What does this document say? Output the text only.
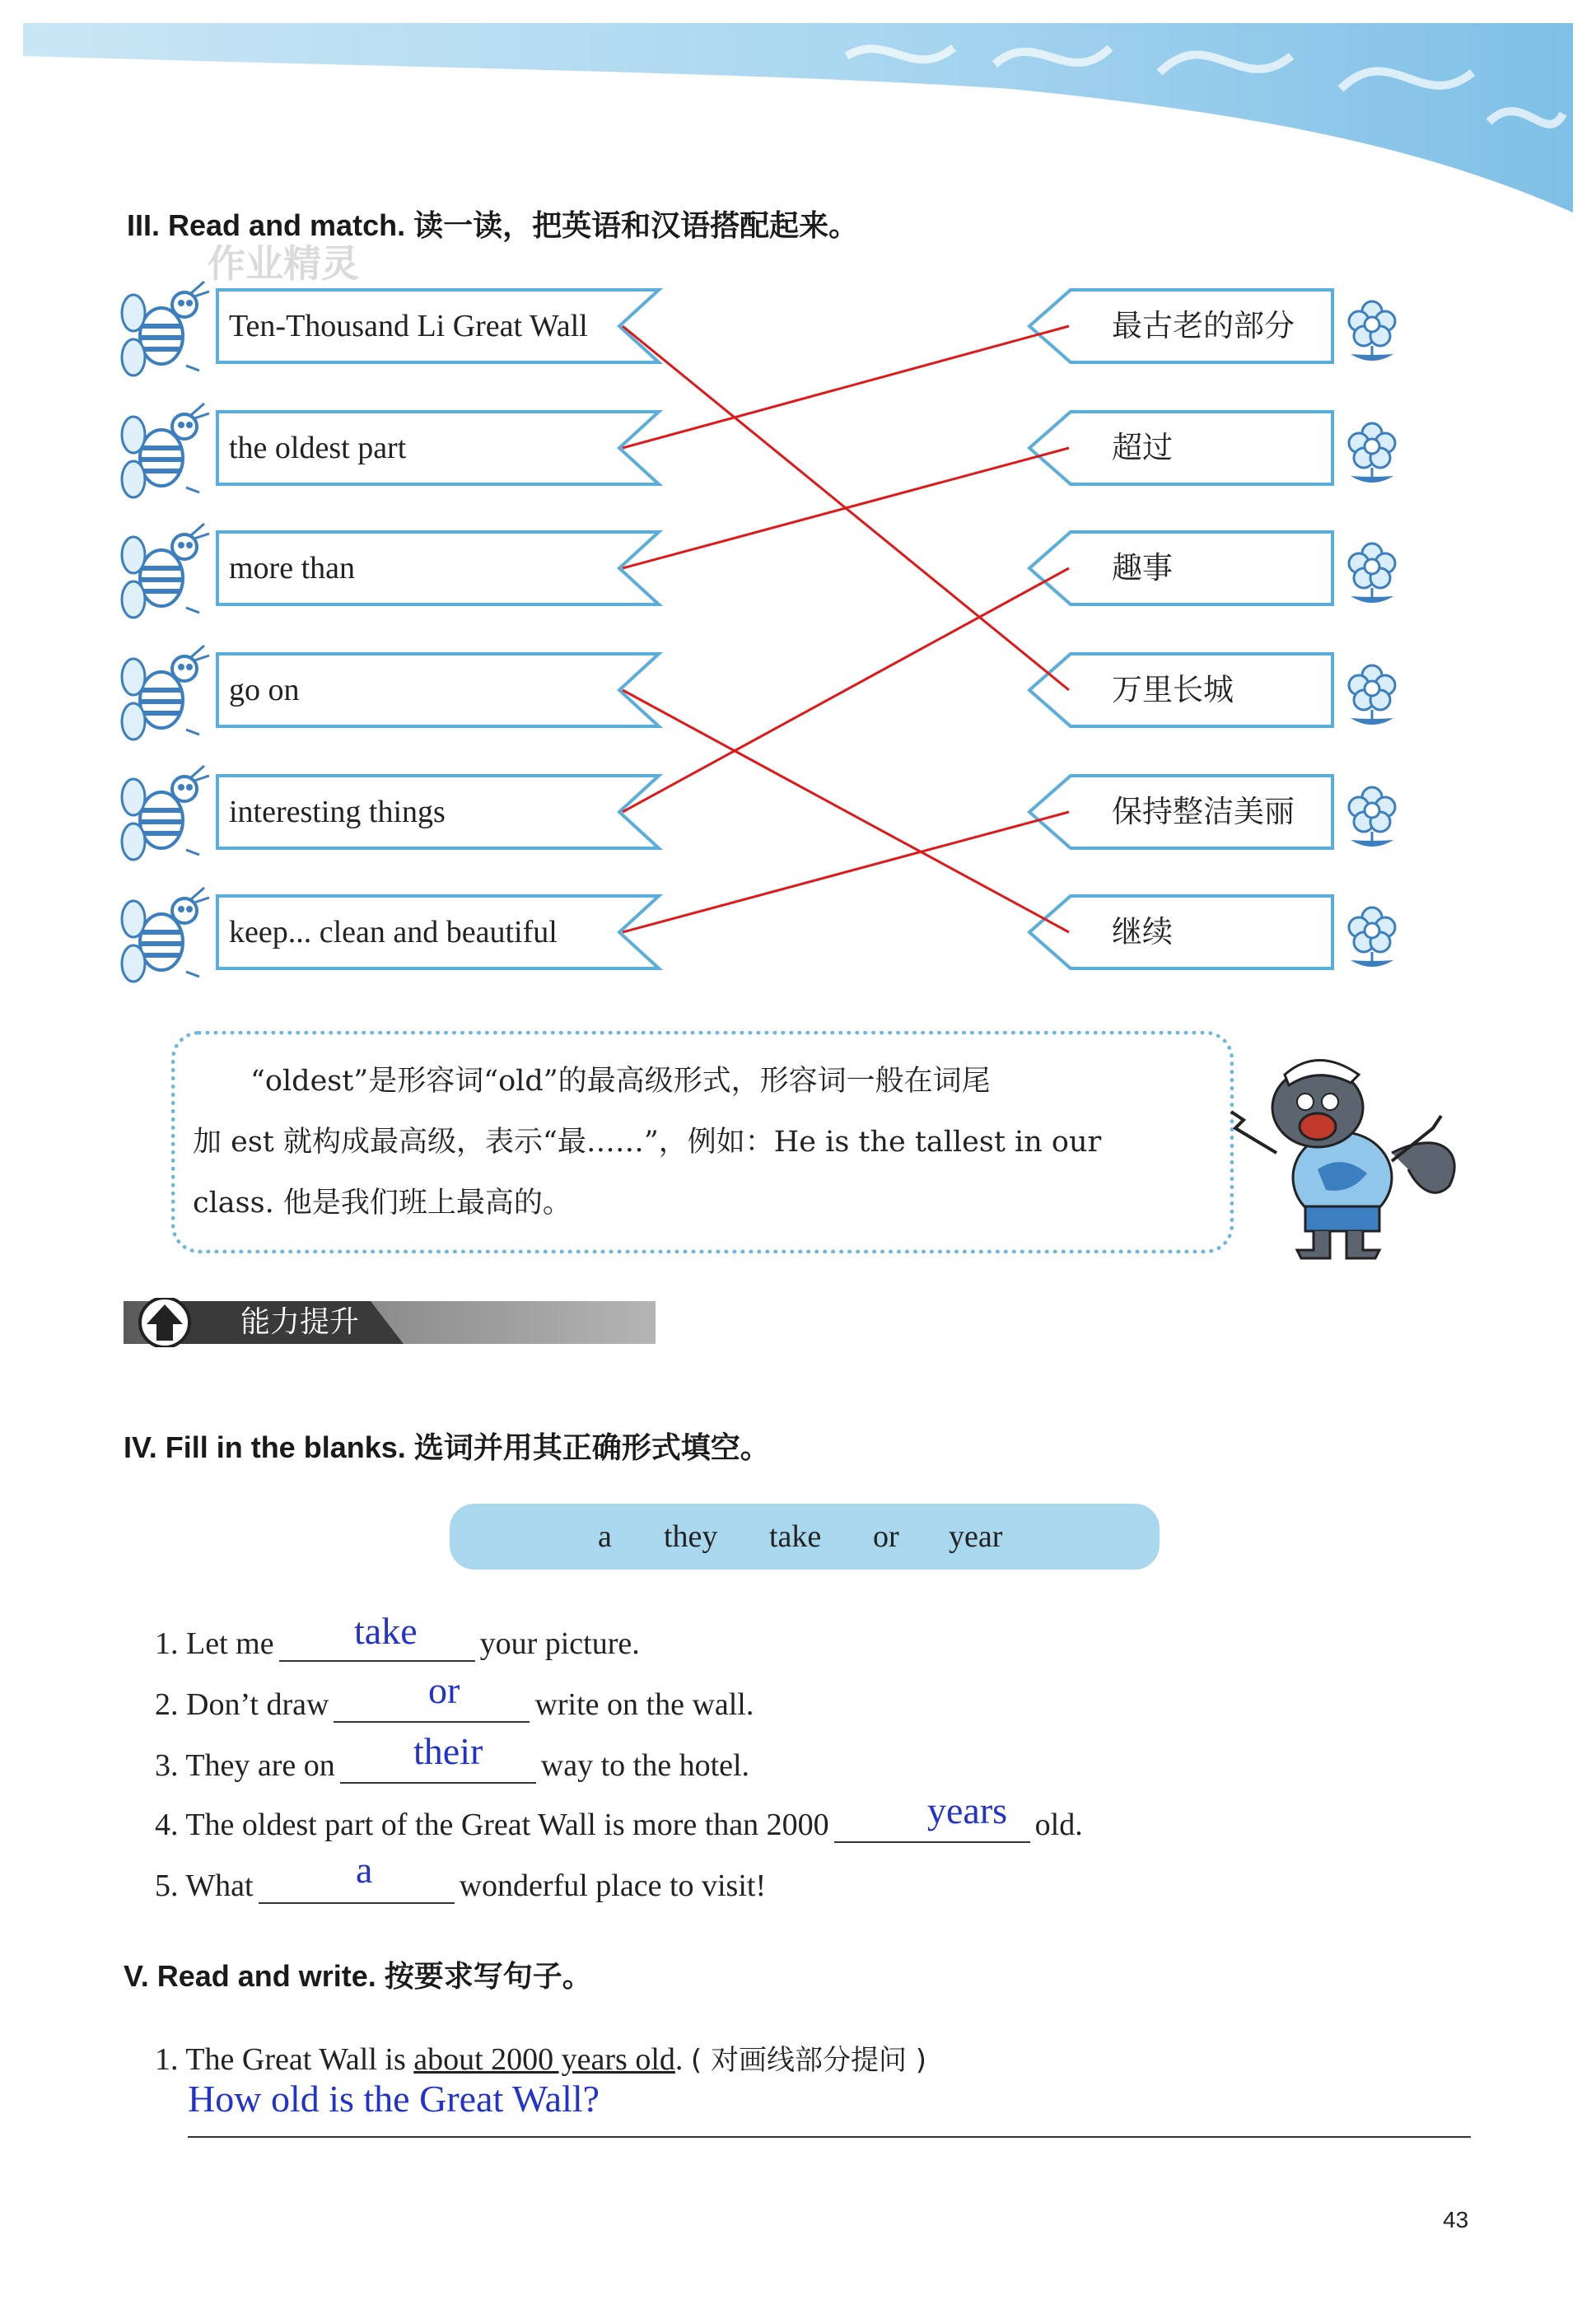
III. Read and match. 读一读，把英语和汉语搭配起来。
作业精灵
Ten-Thousand Li Great Wall
the oldest part
more than
go on
interesting things
keep... clean and beautiful
最古老的部分
超过
趣事
万里长城
保持整洁美丽
继续
“oldest”是形容词“old”的最高级形式，形容词一般在词尾
加 est 就构成最高级，表示“最……”，例如：He is the tallest in our
class. 他是我们班上最高的。
能力提升
IV. Fill in the blanks. 选词并用其正确形式填空。
a they take or year
1. Let me	your picture.
take
2. Don’t draw	write on the wall.
or
3. They are on	way to the hotel.
their
4. The oldest part of the Great Wall is more than 2000	old.
years
5. What	wonderful place to visit!
a
V. Read and write. 按要求写句子。
1. The Great Wall is about 2000 years old. ( 对画线部分提问 )
How old is the Great Wall?
43
